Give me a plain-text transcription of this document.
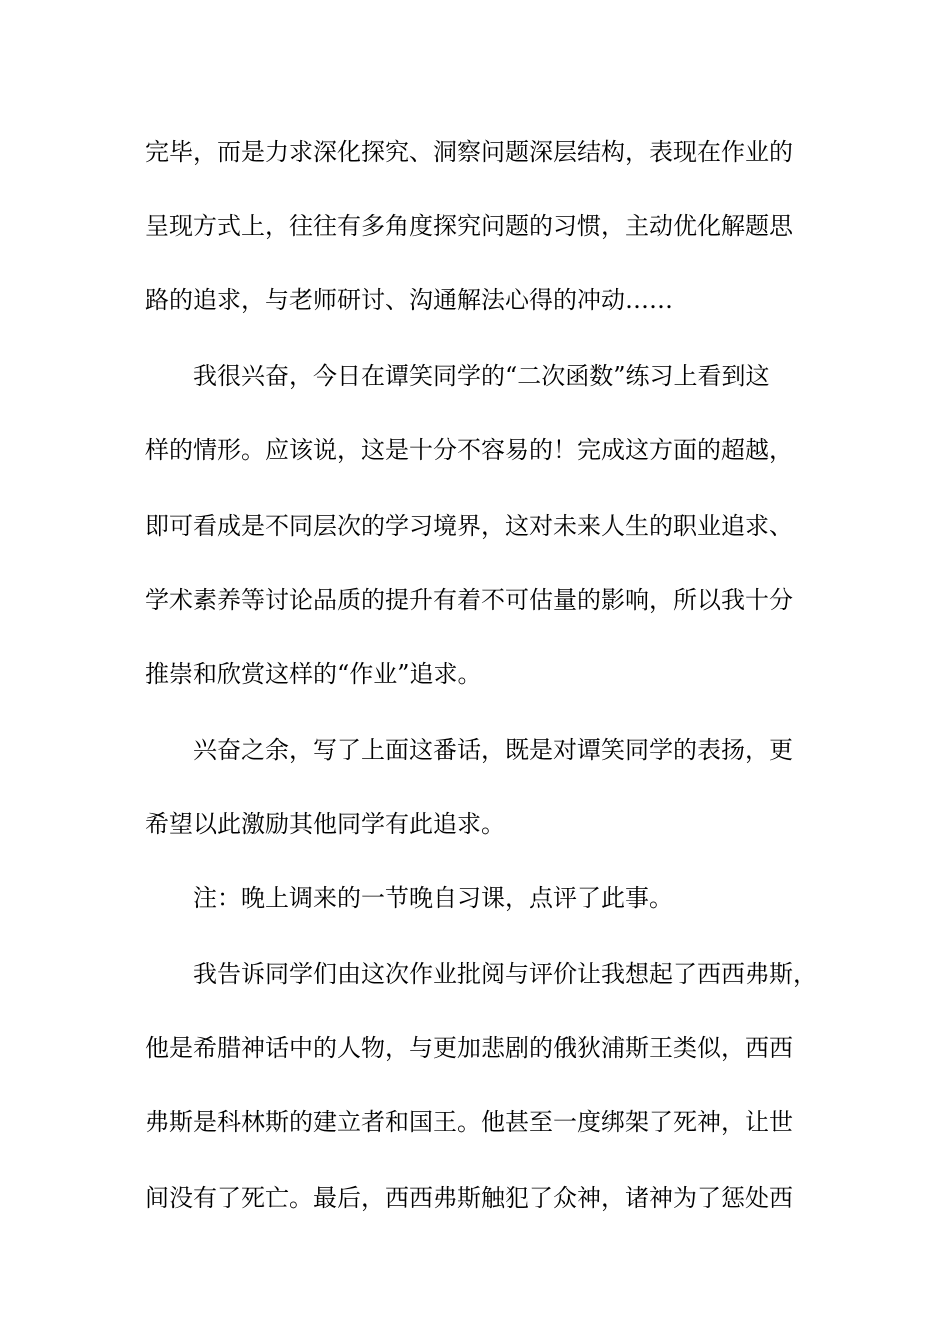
完毕，而是力求深化探究、洞察问题深层结构，表现在作业的

呈现方式上，往往有多角度探究问题的习惯，主动优化解题思

路的追求，与老师研讨、沟通解法心得的冲动……

我很兴奋，今日在谭笑同学的“二次函数”练习上看到这

样的情形。应该说，这是十分不容易的！完成这方面的超越，

即可看成是不同层次的学习境界，这对未来人生的职业追求、

学术素养等讨论品质的提升有着不可估量的影响，所以我十分

推崇和欣赏这样的“作业”追求。

兴奋之余，写了上面这番话，既是对谭笑同学的表扬，更

希望以此激励其他同学有此追求。

注：晚上调来的一节晚自习课，点评了此事。

我告诉同学们由这次作业批阅与评价让我想起了西西弗斯，

他是希腊神话中的人物，与更加悲剧的俄狄浦斯王类似，西西

弗斯是科林斯的建立者和国王。他甚至一度绑架了死神，让世

间没有了死亡。最后，西西弗斯触犯了众神，诸神为了惩处西
